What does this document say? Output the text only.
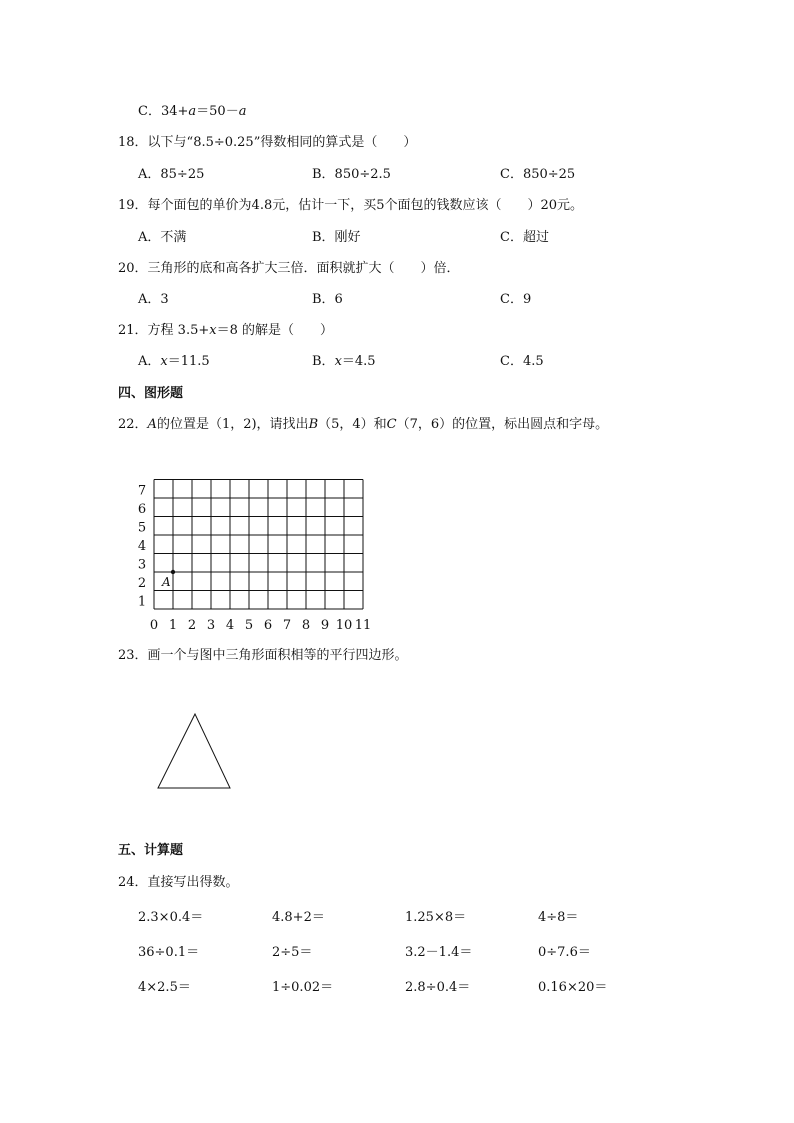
C．34+a＝50－a
18．以下与“8.5÷0.25”得数相同的算式是（　　）
A．85÷25	B．850÷2.5	C．850÷25
19．每个面包的单价为4.8元，估计一下，买5个面包的钱数应该（　　）20元。
A．不满	B．刚好	C．超过
20．三角形的底和高各扩大三倍．面积就扩大（　　）倍．
A．3	B．6	C．9
21．方程 3.5+x＝8 的解是（　　）
A．x＝11.5	B．x＝4.5	C．4.5
四、图形题
22．A的位置是（1，2)，请找出B（5，4）和C（7，6）的位置，标出圆点和字母。
0 1 2 3 4 5 6 7 8 9 10 11
1
2
3
4
5
6
7
A
23．画一个与图中三角形面积相等的平行四边形。
五、计算题
24．直接写出得数。
2.3×0.4＝	4.8+2＝	1.25×8＝	4÷8＝
36÷0.1＝	2÷5＝	3.2－1.4＝	0÷7.6＝
4×2.5＝	1÷0.02＝	2.8÷0.4＝	0.16×20＝
